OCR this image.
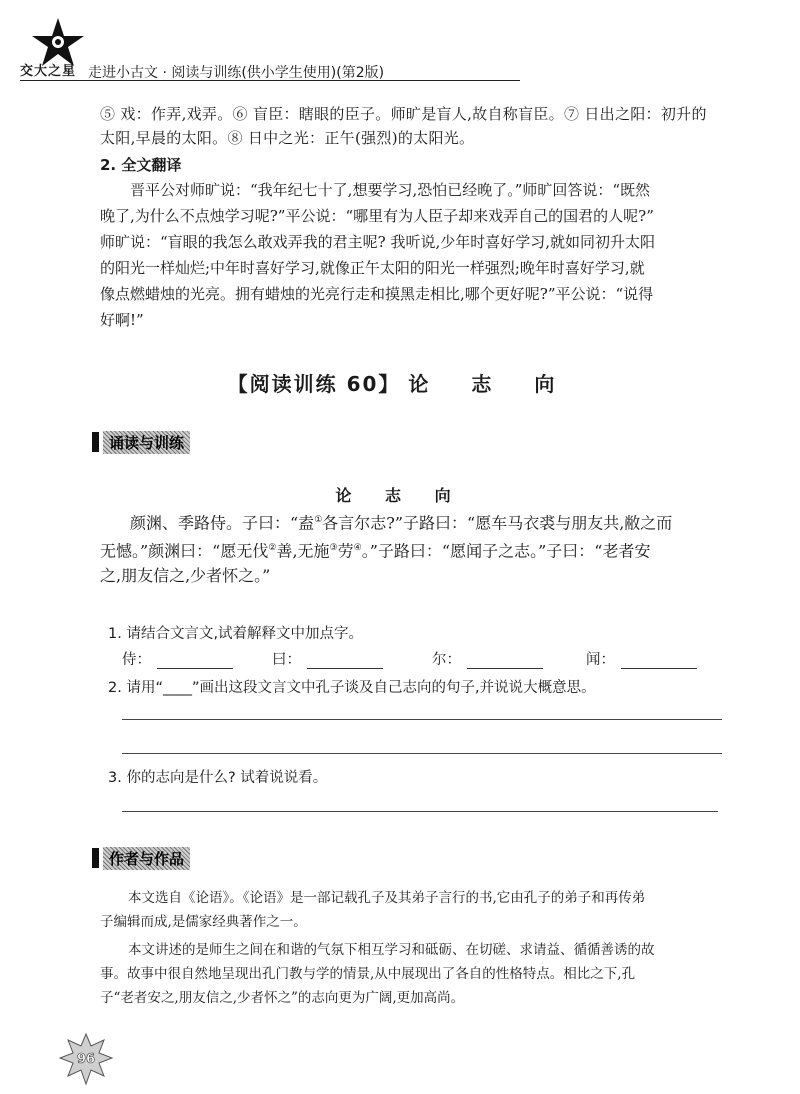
交大之星 走进小古文 · 阅读与训练(供小学生使用)(第2版)
⑤ 戏：作弄,戏弄。⑥ 盲臣：瞎眼的臣子。师旷是盲人,故自称盲臣。⑦ 日出之阳：初升的
太阳,早晨的太阳。⑧ 日中之光：正午(强烈)的太阳光。
2. 全文翻译
晋平公对师旷说：“我年纪七十了,想要学习,恐怕已经晚了。”师旷回答说：“既然
晚了,为什么不点烛学习呢?”平公说：“哪里有为人臣子却来戏弄自己的国君的人呢?”
师旷说：“盲眼的我怎么敢戏弄我的君主呢? 我听说,少年时喜好学习,就如同初升太阳
的阳光一样灿烂;中年时喜好学习,就像正午太阳的阳光一样强烈;晚年时喜好学习,就
像点燃蜡烛的光亮。拥有蜡烛的光亮行走和摸黑走相比,哪个更好呢?”平公说：“说得
好啊!”
【阅读训练 60】 论 志 向
诵读与训练
论 志 向
颜渊、季路侍。子曰：“盍①各言尔志?”子路曰：“愿车马衣裘与朋友共,敝之而
无憾。”颜渊曰：“愿无伐②善,无施③劳④。”子路曰：“愿闻子之志。”子曰：“老者安
之,朋友信之,少者怀之。”
1. 请结合文言文,试着解释文中加点字。
侍：	曰：	尔：	闻：
2. 请用“____”画出这段文言文中孔子谈及自己志向的句子,并说说大概意思。
3. 你的志向是什么? 试着说说看。
作者与作品
本文选自《论语》。《论语》是一部记载孔子及其弟子言行的书,它由孔子的弟子和再传弟
子编辑而成,是儒家经典著作之一。
本文讲述的是师生之间在和谐的气氛下相互学习和砥砺、在切磋、求请益、循循善诱的故
事。故事中很自然地呈现出孔门教与学的情景,从中展现出了各自的性格特点。相比之下,孔
子“老者安之,朋友信之,少者怀之”的志向更为广阔,更加高尚。
96
